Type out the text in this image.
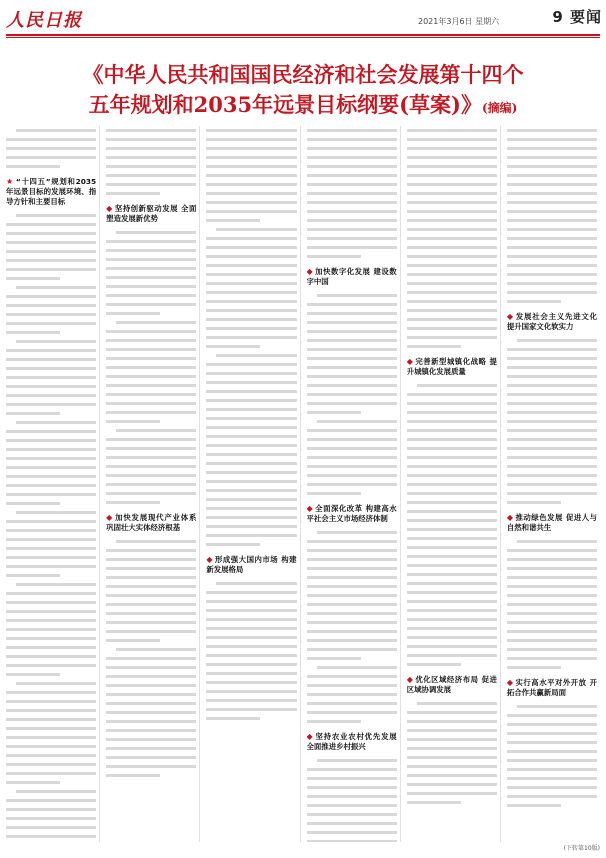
人民日报	2021年3月6日 星期六	9 要闻
《中华人民共和国国民经济和社会发展第十四个
五年规划和2035年远景目标纲要(草案)》(摘编)
★ “十四五”规划和2035年远景目标的发展环境、指导方针和主要目标
◆ 坚持创新驱动发展 全面塑造发展新优势
◆ 加快发展现代产业体系 巩固壮大实体经济根基
◆ 形成强大国内市场 构建新发展格局
◆ 加快数字化发展 建设数字中国
◆ 全面深化改革 构建高水平社会主义市场经济体制
◆ 坚持农业农村优先发展 全面推进乡村振兴
◆ 完善新型城镇化战略 提升城镇化发展质量
◆ 优化区域经济布局 促进区域协调发展
◆ 发展社会主义先进文化 提升国家文化软实力
◆ 推动绿色发展 促进人与自然和谐共生
◆ 实行高水平对外开放 开拓合作共赢新局面
(下转第10版)
